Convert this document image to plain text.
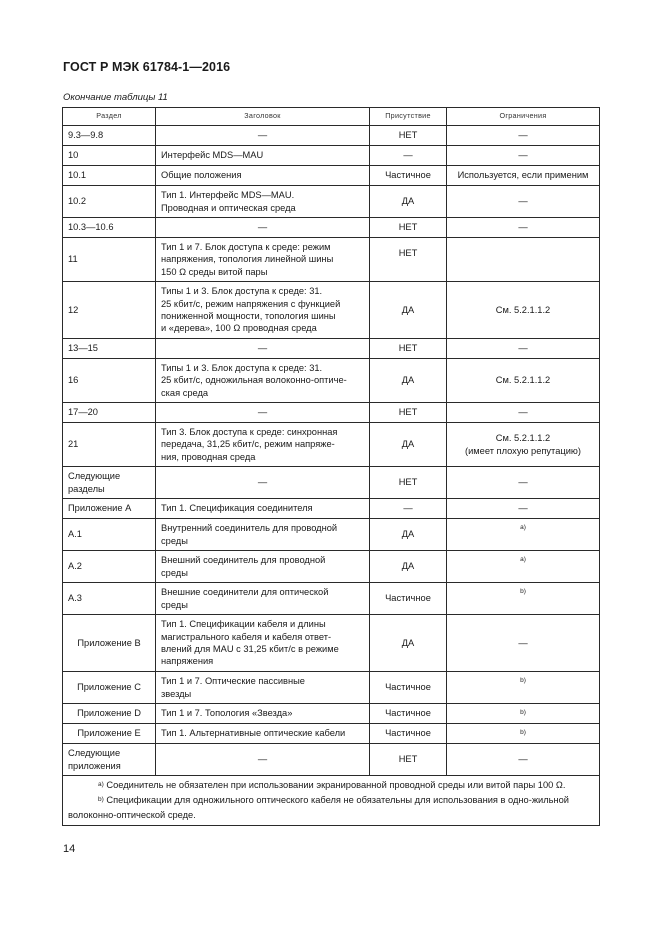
ГОСТ Р МЭК 61784-1—2016
Окончание таблицы 11
Раздел	Заголовок	Присутствие	Ограничения
9.3—9.8	—	НЕТ	—
10	Интерфейс MDS—MAU	—	—
10.1	Общие положения	Частичное	Используется, если применим
10.2	Тип 1. Интерфейс MDS—MAU.
Проводная и оптическая среда	ДА	—
10.3—10.6	—	НЕТ	—
11	Тип 1 и 7. Блок доступа к среде: режим
напряжения, топология линейной шины
150 Ω среды витой пары	НЕТ	
12	Типы 1 и 3. Блок доступа к среде: 31.
25 кбит/с, режим напряжения с функцией
пониженной мощности, топология шины
и «дерева», 100 Ω проводная среда	ДА	См. 5.2.1.1.2
13—15	—	НЕТ	—
16	Типы 1 и 3. Блок доступа к среде: 31.
25 кбит/с, одножильная волоконно-оптиче-
ская среда	ДА	См. 5.2.1.1.2
17—20	—	НЕТ	—
21	Тип 3. Блок доступа к среде: синхронная
передача, 31,25 кбит/с, режим напряже-
ния, проводная среда	ДА	См. 5.2.1.1.2
(имеет плохую репутацию)
Следующие
разделы	—	НЕТ	—
Приложение А	Тип 1. Спецификация соединителя	—	—
А.1	Внутренний соединитель для проводной
среды	ДА	$^{a)}$
А.2	Внешний соединитель для проводной
среды	ДА	$^{a)}$
А.3	Внешние соединители для оптической
среды	Частичное	$^{b)}$
Приложение В	Тип 1. Спецификации кабеля и длины
магистрального кабеля и кабеля ответ-
влений для MAU с 31,25 кбит/с в режиме
напряжения	ДА	—
Приложение С	Тип 1 и 7. Оптические пассивные
звезды	Частичное	$^{b)}$
Приложение D	Тип 1 и 7. Топология «Звезда»	Частичное	$^{b)}$
Приложение Е	Тип 1. Альтернативные оптические кабели	Частичное	$^{b)}$
Следующие
приложения	—	НЕТ	—

$^{a)}$ Соединитель не обязателен при использовании экранированной проводной среды или витой пары 100 Ω.

$^{b)}$ Спецификации для одножильного оптического кабеля не обязательны для использования в одно-жильной волоконно-оптической среде.			

14
